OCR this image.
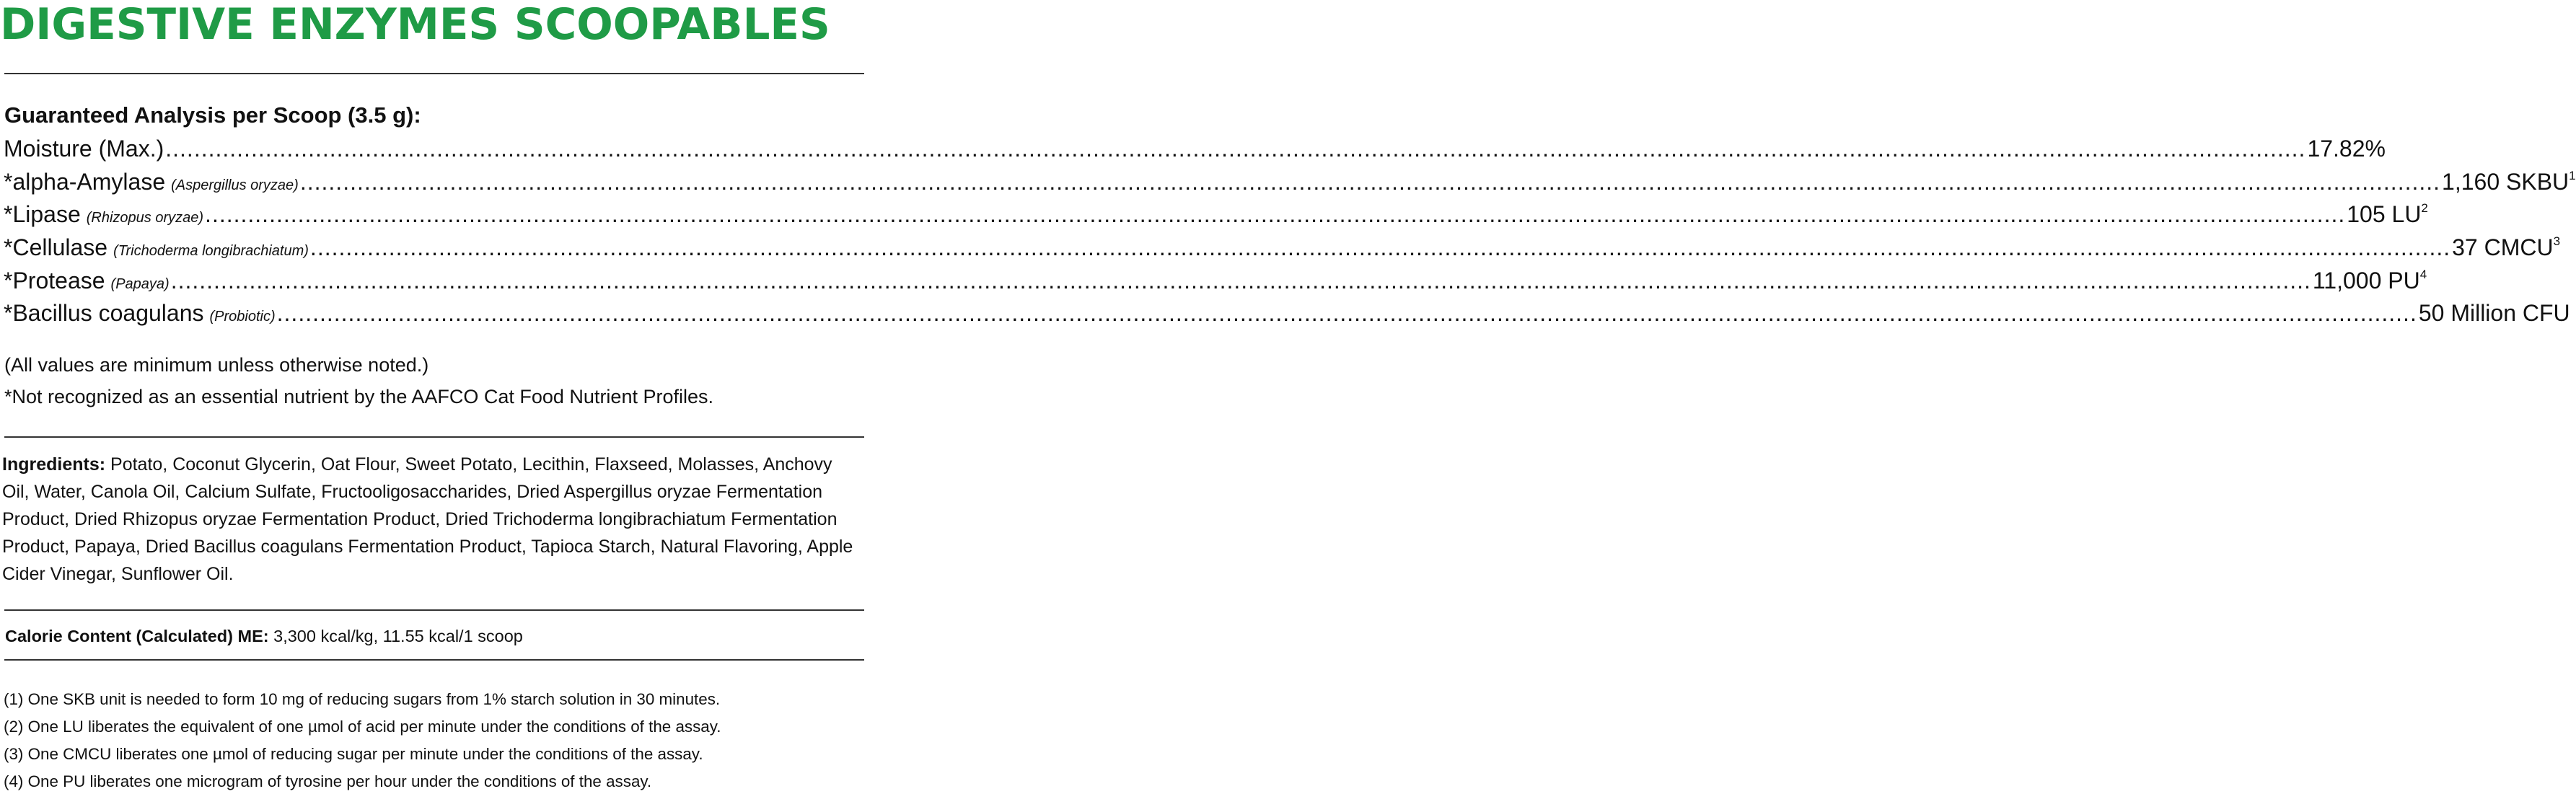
DIGESTIVE ENZYMES SCOOPABLES
Guaranteed Analysis per Scoop (3.5 g):
Moisture (Max.) ............................................................................................................................................................................................................................................................................................................ 17.82%
*alpha-Amylase (Aspergillus oryzae) ............................................................................................................................................................................................................................................................................................................ 1,160 SKBU$^1$
*Lipase (Rhizopus oryzae) ............................................................................................................................................................................................................................................................................................................ 105 $LU^2$
*Cellulase (Trichoderma longibrachiatum) ............................................................................................................................................................................................................................................................................................................ 37 CMCU$^3$
*Protease (Papaya) ............................................................................................................................................................................................................................................................................................................ 11,000 $PU^4$
*Bacillus coagulans (Probiotic) ............................................................................................................................................................................................................................................................................................................ 50 Million CFU
(All values are minimum unless otherwise noted.)
*Not recognized as an essential nutrient by the AAFCO Cat Food Nutrient Profiles.
Ingredients: Potato, Coconut Glycerin, Oat Flour, Sweet Potato, Lecithin, Flaxseed, Molasses, Anchovy Oil, Water, Canola Oil, Calcium Sulfate, Fructooligosaccharides, Dried Aspergillus oryzae Fermentation Product, Dried Rhizopus oryzae Fermentation Product, Dried Trichoderma longibrachiatum Fermentation Product, Papaya, Dried Bacillus coagulans Fermentation Product, Tapioca Starch, Natural Flavoring, Apple Cider Vinegar, Sunflower Oil.
Calorie Content (Calculated) ME: 3,300 kcal/kg, 11.55 kcal/1 scoop
(1) One SKB unit is needed to form 10 mg of reducing sugars from 1% starch solution in 30 minutes.
(2) One LU liberates the equivalent of one µmol of acid per minute under the conditions of the assay.
(3) One CMCU liberates one µmol of reducing sugar per minute under the conditions of the assay.
(4) One PU liberates one microgram of tyrosine per hour under the conditions of the assay.
